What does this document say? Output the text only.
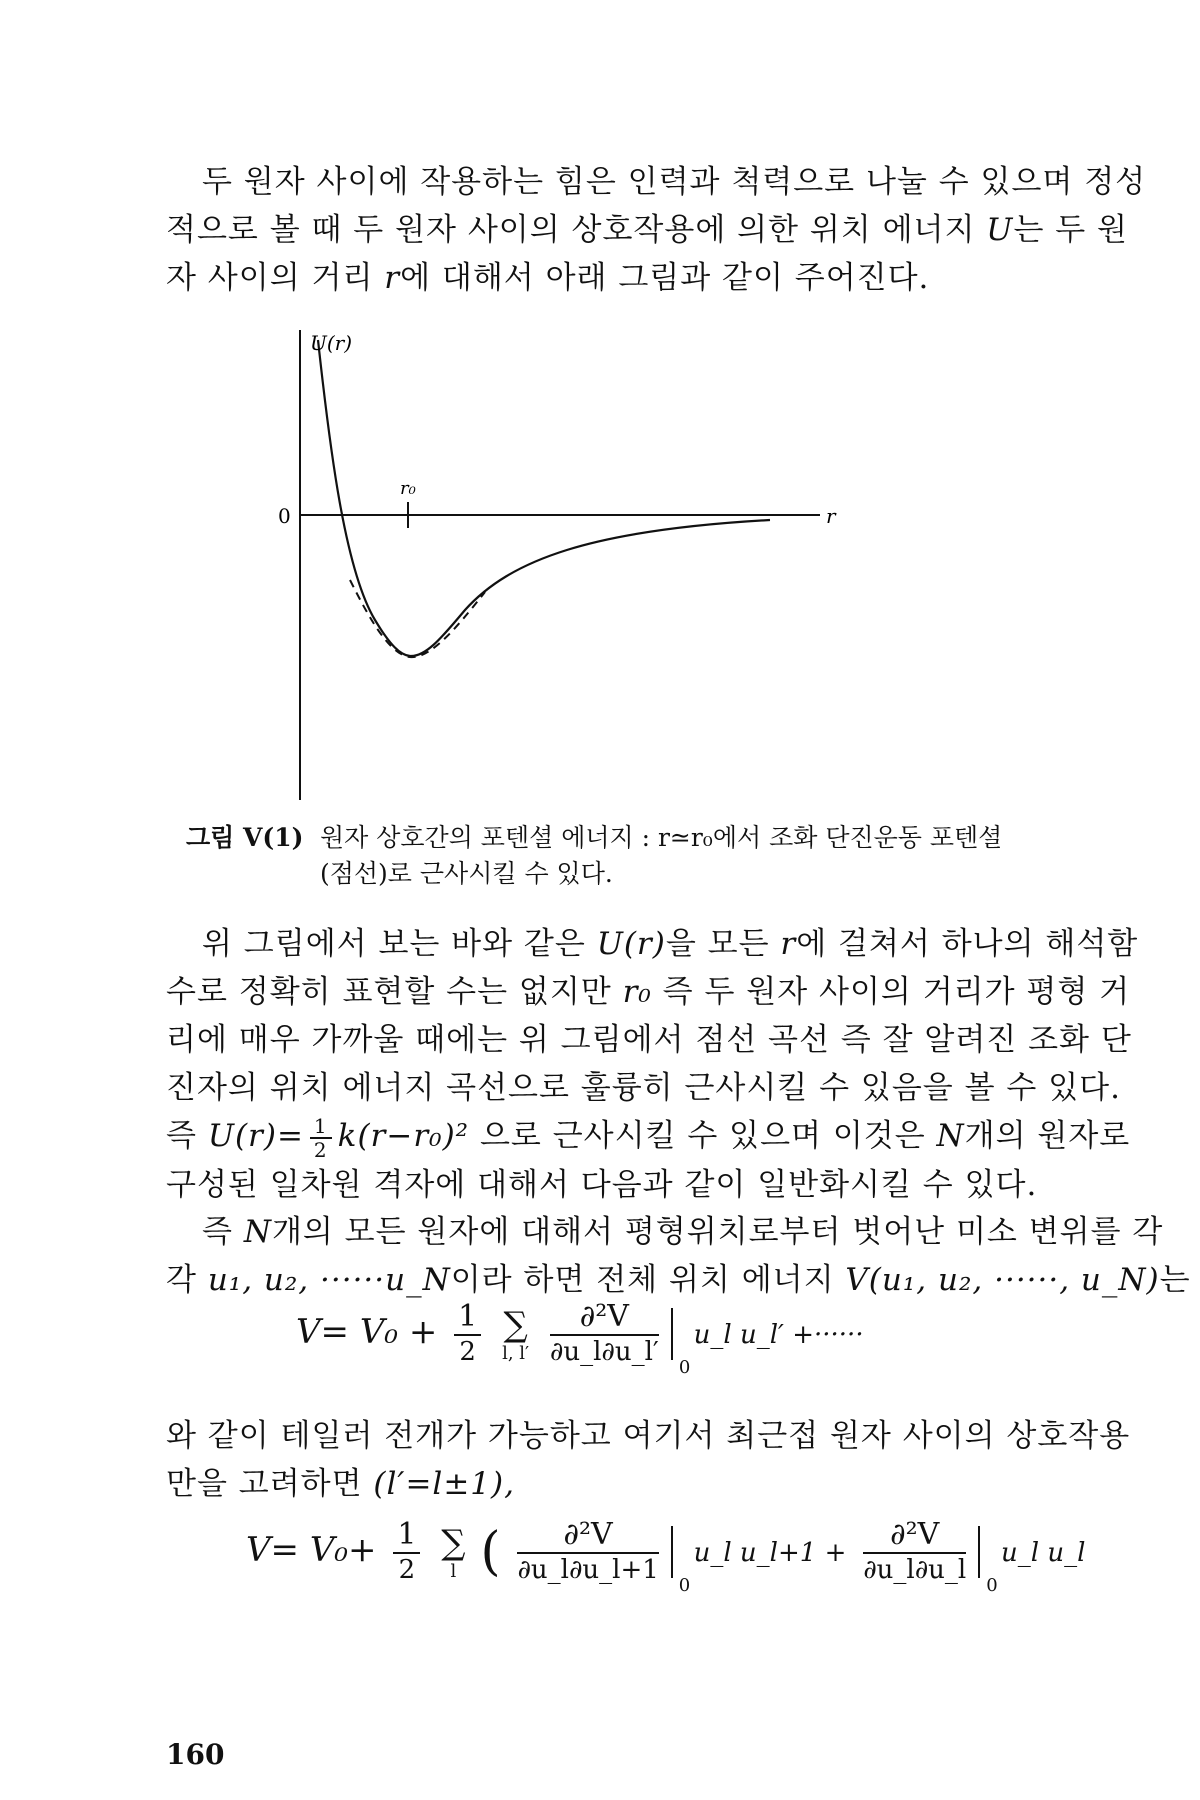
두 원자 사이에 작용하는 힘은 인력과 척력으로 나눌 수 있으며 정성
적으로 볼 때 두 원자 사이의 상호작용에 의한 위치 에너지 U는 두 원
자 사이의 거리 r에 대해서 아래 그림과 같이 주어진다.
U(r)
r
0
r₀
그림 V(1) 원자 상호간의 포텐셜 에너지 : r≃r₀에서 조화 단진운동 포텐셜
(점선)로 근사시킬 수 있다.
위 그림에서 보는 바와 같은 U(r)을 모든 r에 걸쳐서 하나의 해석함
수로 정확히 표현할 수는 없지만 r₀ 즉 두 원자 사이의 거리가 평형 거
리에 매우 가까울 때에는 위 그림에서 점선 곡선 즉 잘 알려진 조화 단
진자의 위치 에너지 곡선으로 훌륭히 근사시킬 수 있음을 볼 수 있다.
즉 $U(r)= \frac{1}{2} k(r-r_0)^2$ 으로 근사시킬 수 있으며 이것은 N개의 원자로
구성된 일차원 격자에 대해서 다음과 같이 일반화시킬 수 있다.
즉 N개의 모든 원자에 대해서 평형위치로부터 벗어난 미소 변위를 각
각 u₁, u₂, ······u_N이라 하면 전체 위치 에너지 V(u₁, u₂, ······, u_N)는
$V= V_0 + \frac{1}{2}$ ∑
l, l′
$\frac{\text{∂²V}}{\partial u\_l\partial u\_l'} 0$
u_l u_l′ +······
와 같이 테일러 전개가 가능하고 여기서 최근접 원자 사이의 상호작용
만을 고려하면 (l′=l±1),
$V= V_0+ \frac{1}{2}$ ∑
l ( $\frac{\text{∂²V}}{\partial u\_l\partial u\_l+1} 0$
u_l u_l+1 + $\frac{\text{∂²V}}{\partial u\_l\partial u\_l} 0$
u_l u_l
160
